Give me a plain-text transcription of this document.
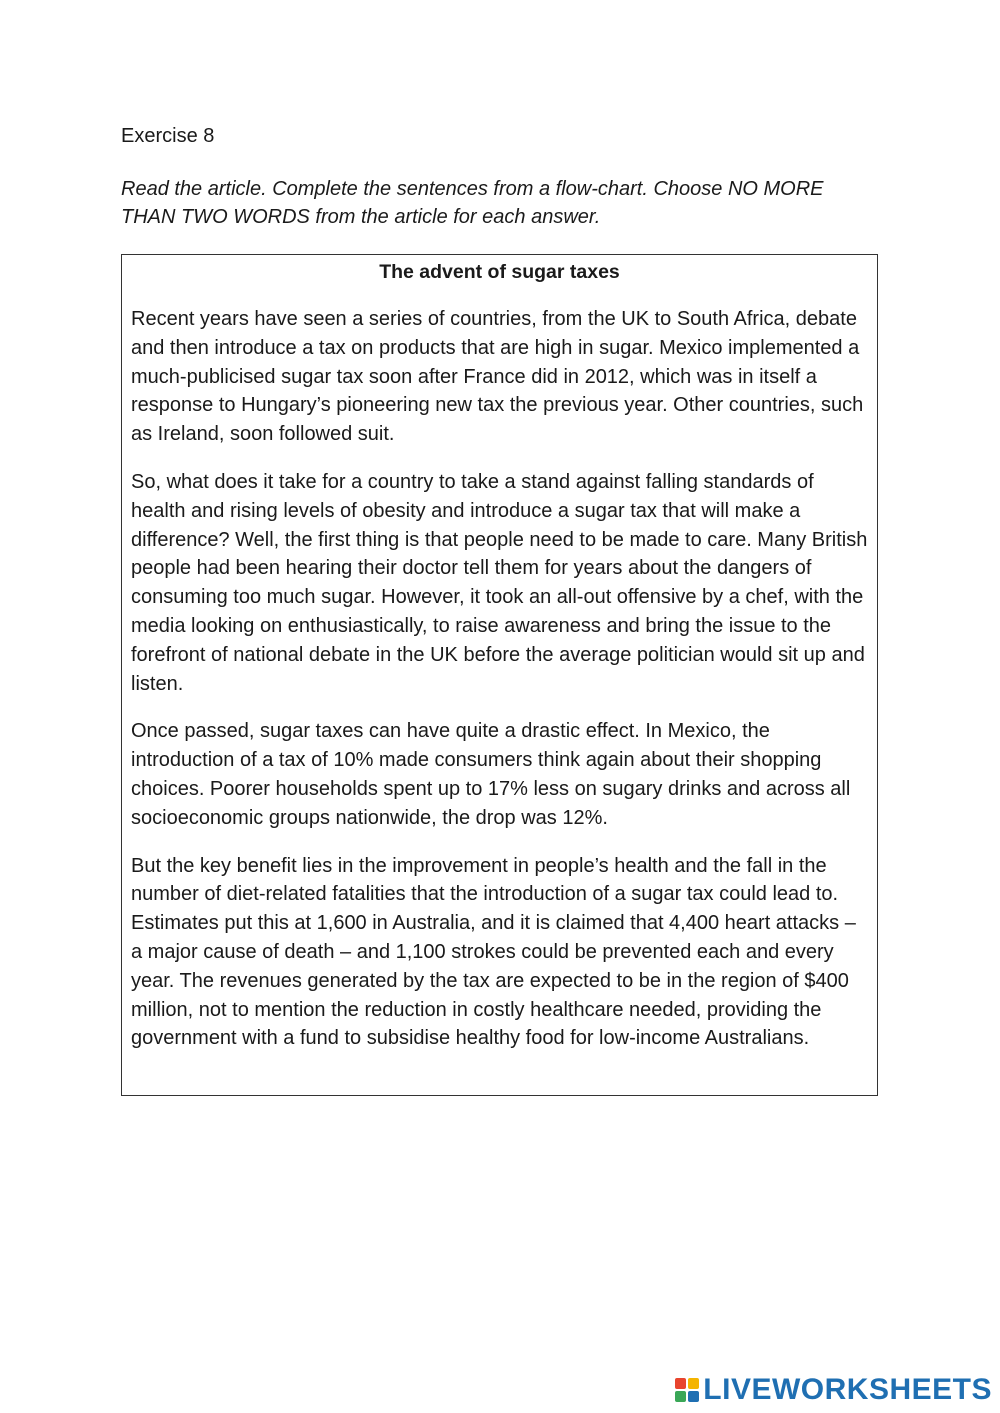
Exercise 8

Read the article. Complete the sentences from a flow-chart. Choose NO MORE THAN TWO WORDS from the article for each answer.

The advent of sugar taxes

Recent years have seen a series of countries, from the UK to South Africa, debate and then introduce a tax on products that are high in sugar. Mexico implemented a much-publicised sugar tax soon after France did in 2012, which was in itself a response to Hungary’s pioneering new tax the previous year. Other countries, such as Ireland, soon followed suit.

So, what does it take for a country to take a stand against falling standards of health and rising levels of obesity and introduce a sugar tax that will make a difference? Well, the first thing is that people need to be made to care. Many British people had been hearing their doctor tell them for years about the dangers of consuming too much sugar. However, it took an all-out offensive by a chef, with the media looking on enthusiastically, to raise awareness and bring the issue to the forefront of national debate in the UK before the average politician would sit up and listen.

Once passed, sugar taxes can have quite a drastic effect. In Mexico, the introduction of a tax of 10% made consumers think again about their shopping choices. Poorer households spent up to 17% less on sugary drinks and across all socioeconomic groups nationwide, the drop was 12%.

But the key benefit lies in the improvement in people’s health and the fall in the number of diet-related fatalities that the introduction of a sugar tax could lead to. Estimates put this at 1,600 in Australia, and it is claimed that 4,400 heart attacks – a major cause of death – and 1,100 strokes could be prevented each and every year. The revenues generated by the tax are expected to be in the region of $400 million, not to mention the reduction in costly healthcare needed, providing the government with a fund to subsidise healthy food for low-income Australians.

LIVEWORKSHEETS
